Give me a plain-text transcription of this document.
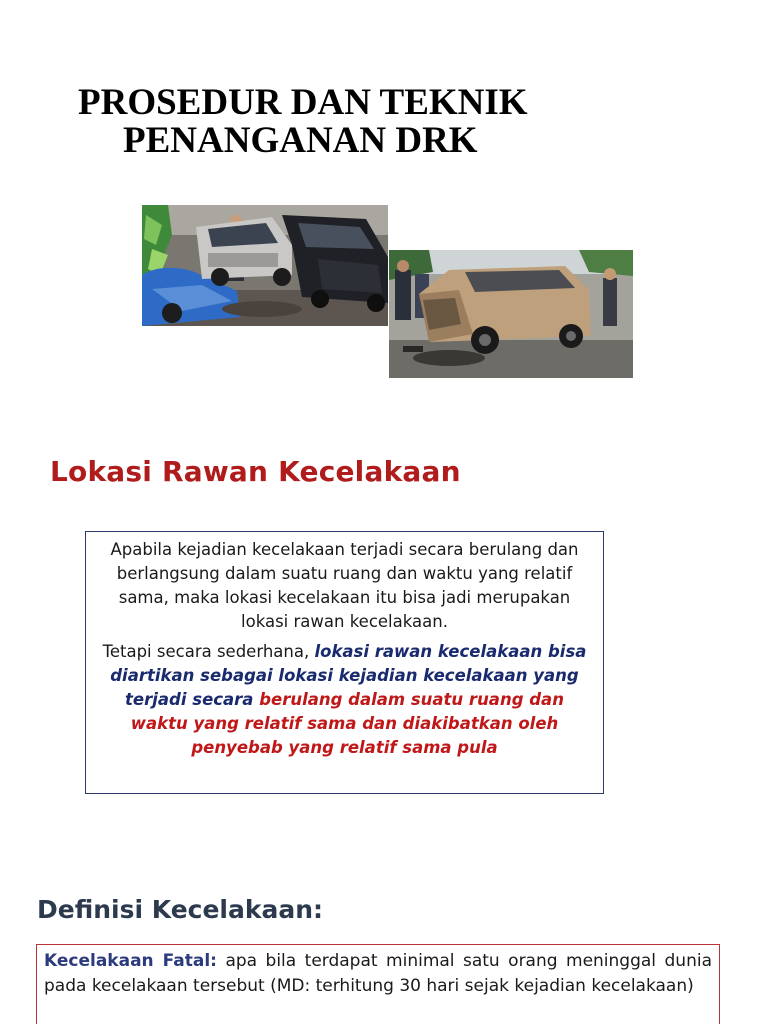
PROSEDUR DAN TEKNIK
PENANGANAN DRK
Lokasi Rawan Kecelakaan

Apabila kejadian kecelakaan terjadi secara berulang dan berlangsung dalam suatu ruang dan waktu yang relatif sama, maka lokasi kecelakaan itu bisa jadi merupakan lokasi rawan kecelakaan.

Tetapi secara sederhana, lokasi rawan kecelakaan bisa diartikan sebagai lokasi kejadian kecelakaan yang terjadi secara berulang dalam suatu ruang dan waktu yang relatif sama dan diakibatkan oleh penyebab yang relatif sama pula

Definisi Kecelakaan:
Kecelakaan Fatal: apa bila terdapat minimal satu orang meninggal dunia pada kecelakaan tersebut (MD: terhitung 30 hari sejak kejadian kecelakaan)
